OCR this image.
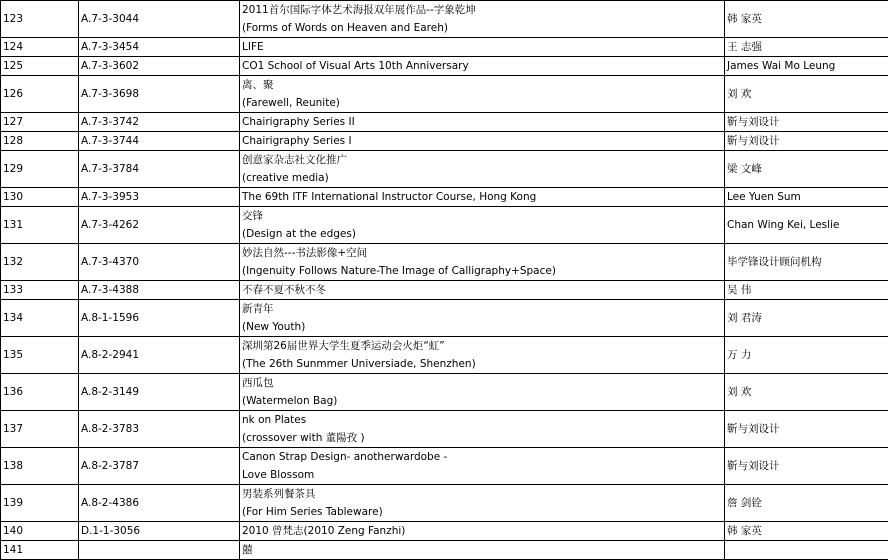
123	A.7-3-3044	2011首尔国际字体艺术海报双年展作品--字象乾坤
(Forms of Words on Heaven and Eareh)	韩 家英
124	A.7-3-3454	LIFE	王 志强
125	A.7-3-3602	CO1 School of Visual Arts 10th Anniversary	James Wai Mo Leung
126	A.7-3-3698	离、聚
(Farewell, Reunite)	刘 欢
127	A.7-3-3742	Chairigraphy Series II	靳与刘设计
128	A.7-3-3744	Chairigraphy Series I	靳与刘设计
129	A.7-3-3784	创意家杂志社文化推广
(creative media)	梁 文峰
130	A.7-3-3953	The 69th ITF International Instructor Course, Hong Kong	Lee Yuen Sum
131	A.7-3-4262	交锋
(Design at the edges)	Chan Wing Kei, Leslie
132	A.7-3-4370	妙法自然---书法影像+空间
(Ingenuity Follows Nature-The Image of Calligraphy+Space)	毕学锋设计顾问机构
133	A.7-3-4388	不春不夏不秋不冬	吴 伟
134	A.8-1-1596	新青年
(New Youth)	刘 君涛
135	A.8-2-2941	深圳第26届世界大学生夏季运动会火炬“虹”
(The 26th Sunmmer Universiade, Shenzhen)	万 力
136	A.8-2-3149	西瓜包
(Watermelon Bag)	刘 欢
137	A.8-2-3783	nk on Plates
(crossover with 董陽孜 )	靳与刘设计
138	A.8-2-3787	Canon Strap Design- anotherwardobe -
Love Blossom	靳与刘设计
139	A.8-2-4386	男装系列餐茶具
(For Him Series Tableware)	詹 剑铨
140	D.1-1-3056	2010 曾梵志(2010 Zeng Fanzhi)	韩 家英
141		囍	
